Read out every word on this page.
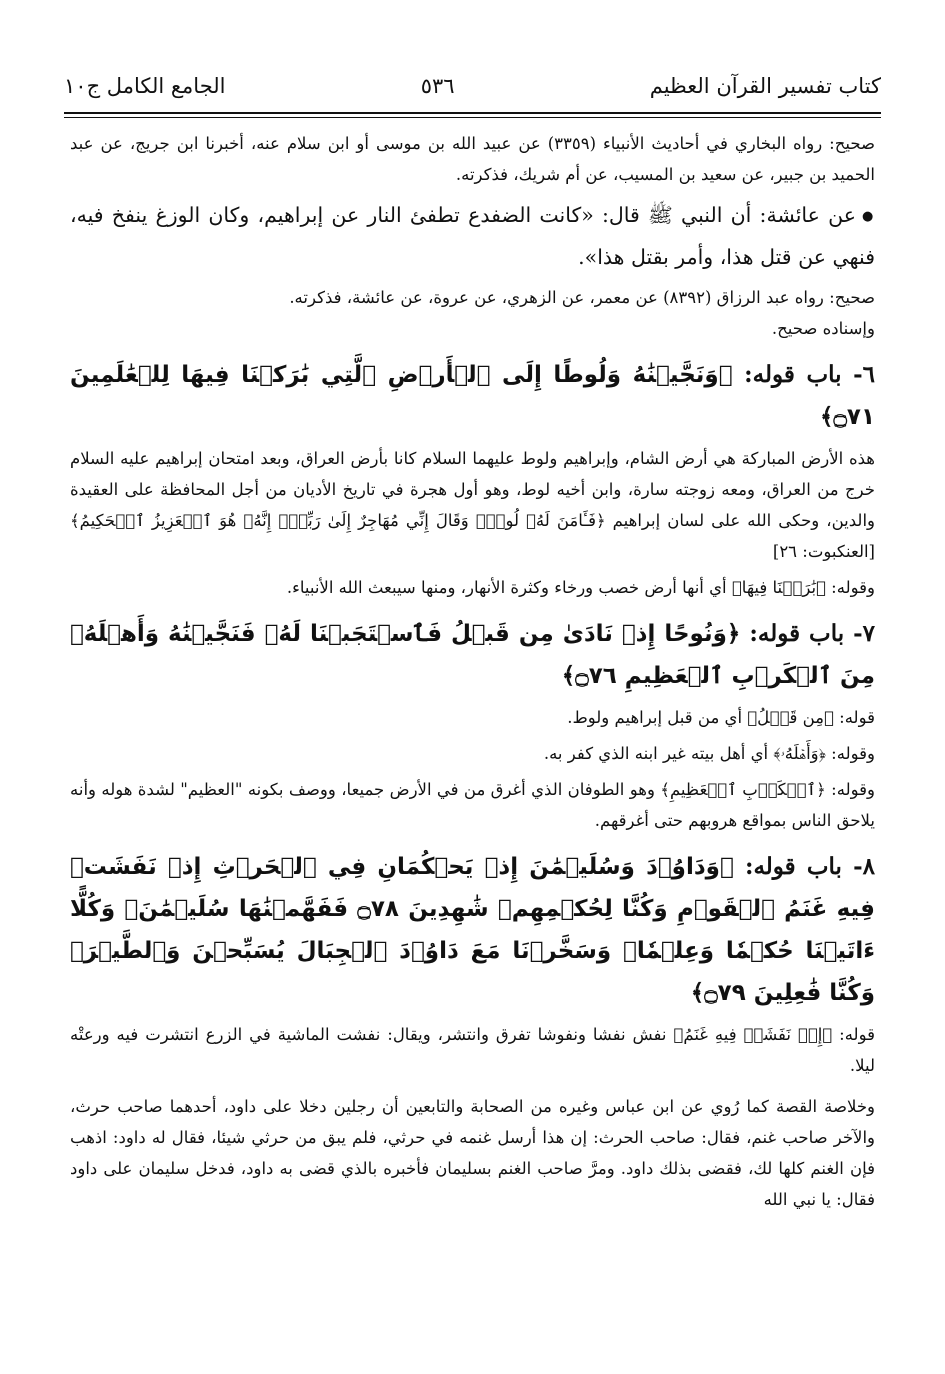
كتاب تفسير القرآن العظيم
٥٣٦
الجامع الكامل ج١٠

صحيح: رواه البخاري في أحاديث الأنبياء (٣٣٥٩) عن عبيد الله بن موسى أو ابن سلام عنه، أخبرنا ابن جريج، عن عبد الحميد بن جبير، عن سعيد بن المسيب، عن أم شريك، فذكرته.

●عن عائشة: أن النبي ﷺ قال: «كانت الضفدع تطفئ النار عن إبراهيم، وكان الوزغ ينفخ فيه، فنهي عن قتل هذا، وأمر بقتل هذا».

صحيح: رواه عبد الرزاق (٨٣٩٢) عن معمر، عن الزهري، عن عروة، عن عائشة، فذكرته.

وإسناده صحيح.

٦- باب قوله: ﴿وَنَجَّيۡنَٰهُ وَلُوطًا إِلَى ٱلۡأَرۡضِ ٱلَّتِي بَٰرَكۡنَا فِيهَا لِلۡعَٰلَمِينَ ۝٧١﴾

هذه الأرض المباركة هي أرض الشام، وإبراهيم ولوط عليهما السلام كانا بأرض العراق، وبعد امتحان إبراهيم عليه السلام خرج من العراق، ومعه زوجته سارة، وابن أخيه لوط، وهو أول هجرة في تاريخ الأديان من أجل المحافظة على العقيدة والدين، وحكى الله على لسان إبراهيم ﴿فَـَٔامَنَ لَهُۥ لُوطٞۘ وَقَالَ إِنِّي مُهَاجِرٌ إِلَىٰ رَبِّيٓۖ إِنَّهُۥ هُوَ ٱلۡعَزِيزُ ٱلۡحَكِيمُ﴾ [العنكبوت: ٢٦]

وقوله: ﴿بَٰرَكۡنَا فِيهَا﴾ أي أنها أرض خصب ورخاء وكثرة الأنهار، ومنها سيبعث الله الأنبياء.

٧- باب قوله: ﴿وَنُوحًا إِذۡ نَادَىٰ مِن قَبۡلُ فَٱسۡتَجَبۡنَا لَهُۥ فَنَجَّيۡنَٰهُ وَأَهۡلَهُۥ مِنَ ٱلۡكَرۡبِ ٱلۡعَظِيمِ ۝٧٦﴾

قوله: ﴿مِن قَبۡلُ﴾ أي من قبل إبراهيم ولوط.

وقوله: ﴿وَأَهۡلَهُۥ﴾ أي أهل بيته غير ابنه الذي كفر به.

وقوله: ﴿ٱلۡكَرۡبِ ٱلۡعَظِيمِ﴾ وهو الطوفان الذي أغرق من في الأرض جميعا، ووصف بكونه "العظيم" لشدة هوله وأنه يلاحق الناس بمواقع هروبهم حتى أغرقهم.

٨- باب قوله: ﴿وَدَاوُۥدَ وَسُلَيۡمَٰنَ إِذۡ يَحۡكُمَانِ فِي ٱلۡحَرۡثِ إِذۡ نَفَشَتۡ فِيهِ غَنَمُ ٱلۡقَوۡمِ وَكُنَّا لِحُكۡمِهِمۡ شَٰهِدِينَ ۝٧٨ فَفَهَّمۡنَٰهَا سُلَيۡمَٰنَۚ وَكُلًّا ءَاتَيۡنَا حُكۡمٗا وَعِلۡمٗاۚ وَسَخَّرۡنَا مَعَ دَاوُۥدَ ٱلۡجِبَالَ يُسَبِّحۡنَ وَٱلطَّيۡرَۚ وَكُنَّا فَٰعِلِينَ ۝٧٩﴾

قوله: ﴿إِذۡ نَفَشَتۡ فِيهِ غَنَمُ﴾ نفش نفشا ونفوشا تفرق وانتشر، ويقال: نفشت الماشية في الزرع انتشرت فيه ورعتْه ليلا.

وخلاصة القصة كما رُوي عن ابن عباس وغيره من الصحابة والتابعين أن رجلين دخلا على داود، أحدهما صاحب حرث، والآخر صاحب غنم، فقال: صاحب الحرث: إن هذا أرسل غنمه في حرثي، فلم يبق من حرثي شيئا، فقال له داود: اذهب فإن الغنم كلها لك، فقضى بذلك داود. ومرَّ صاحب الغنم بسليمان فأخبره بالذي قضى به داود، فدخل سليمان على داود فقال: يا نبي الله
